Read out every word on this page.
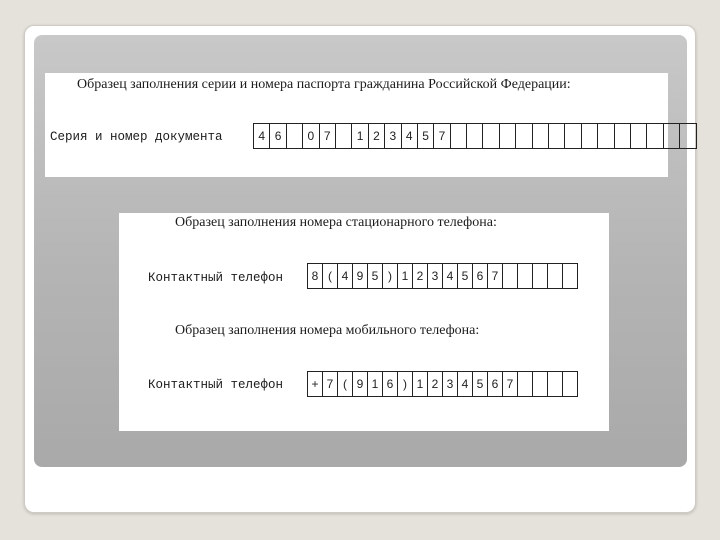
Образец заполнения серии и номера паспорта гражданина Российской Федерации:
Серия и номер документа	4 6	0 7	1 2 3 4 5 7
Образец заполнения номера стационарного телефона:
Контактный телефон	8 ( 4 9 5 ) 1 2 3 4 5 6 7
Образец заполнения номера мобильного телефона:
Контактный телефон + 7 ( 9 1 6 ) 1 2 3 4 5 6 7
